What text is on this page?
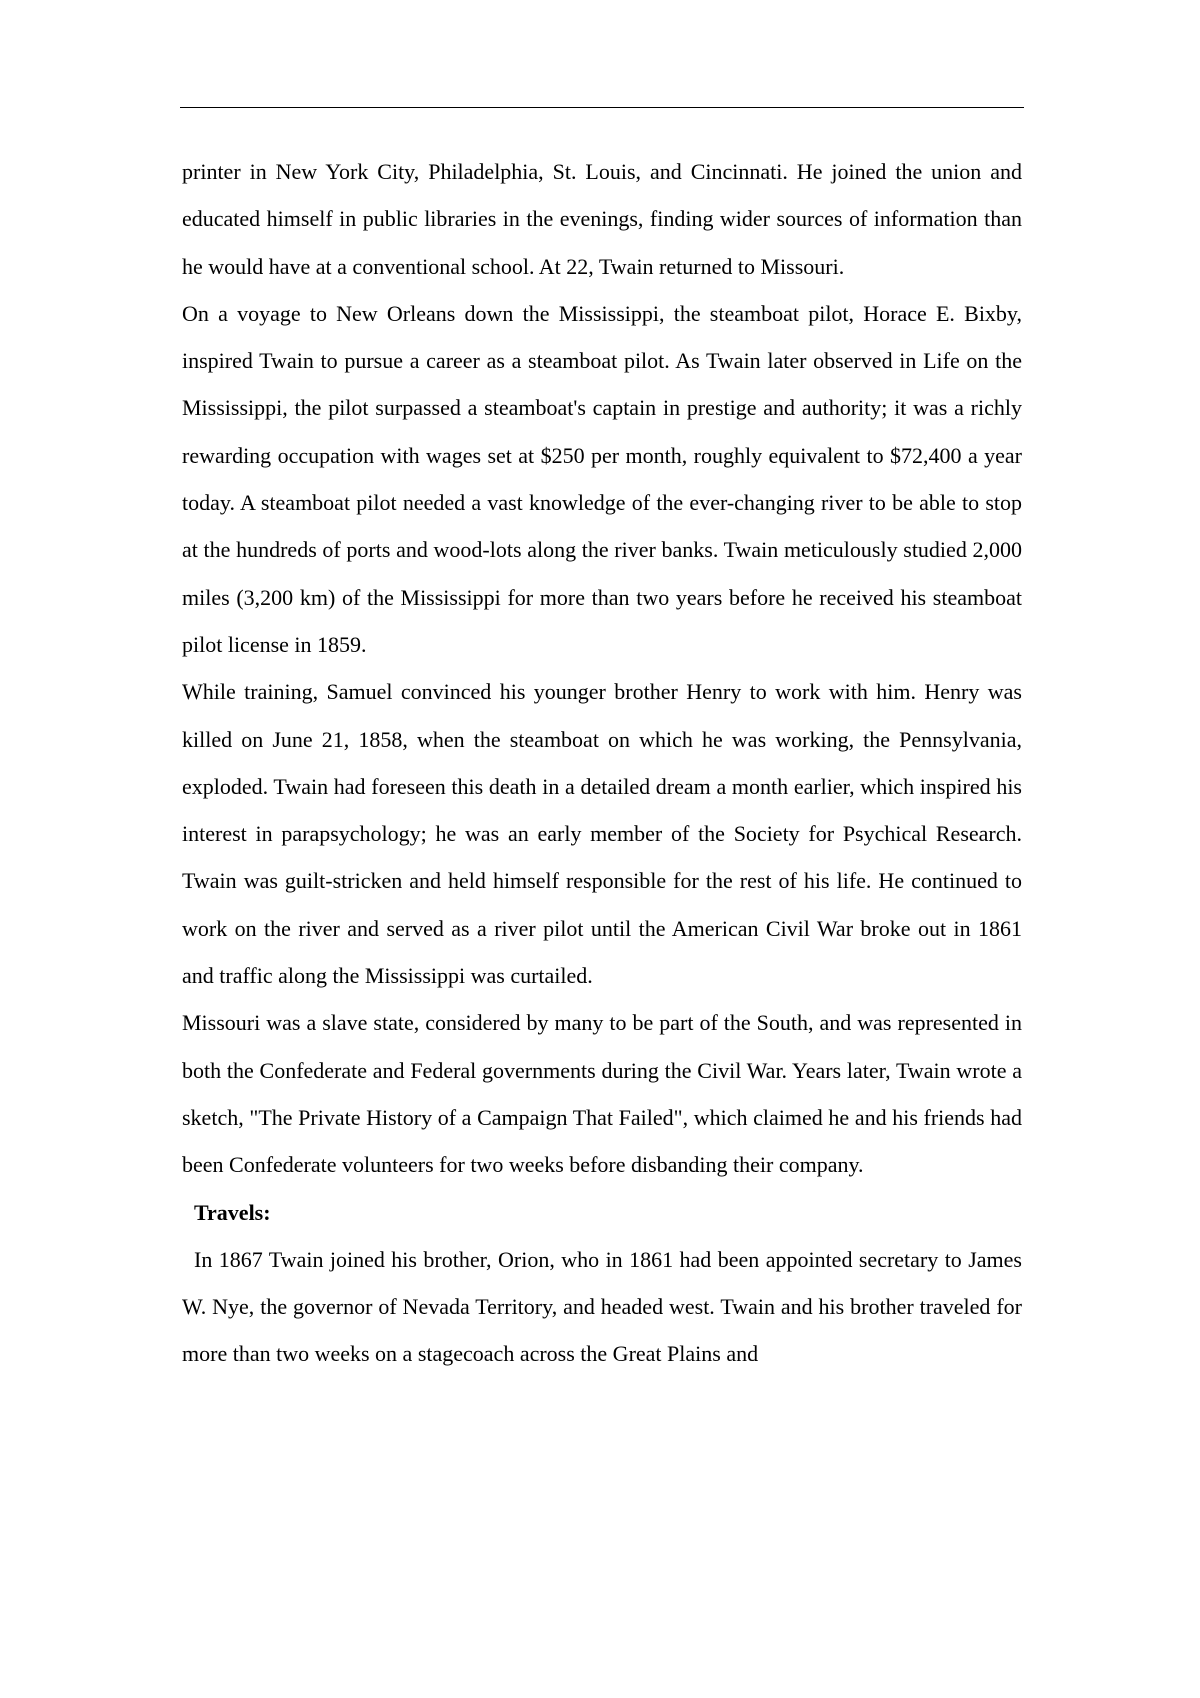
printer in New York City, Philadelphia, St. Louis, and Cincinnati. He joined the union and educated himself in public libraries in the evenings, finding wider sources of information than he would have at a conventional school. At 22, Twain returned to Missouri.

On a voyage to New Orleans down the Mississippi, the steamboat pilot, Horace E. Bixby, inspired Twain to pursue a career as a steamboat pilot. As Twain later observed in Life on the Mississippi, the pilot surpassed a steamboat's captain in prestige and authority; it was a richly rewarding occupation with wages set at $250 per month, roughly equivalent to $72,400 a year today. A steamboat pilot needed a vast knowledge of the ever-changing river to be able to stop at the hundreds of ports and wood-lots along the river banks. Twain meticulously studied 2,000 miles (3,200 km) of the Mississippi for more than two years before he received his steamboat pilot license in 1859.

While training, Samuel convinced his younger brother Henry to work with him. Henry was killed on June 21, 1858, when the steamboat on which he was working, the Pennsylvania, exploded. Twain had foreseen this death in a detailed dream a month earlier, which inspired his interest in parapsychology; he was an early member of the Society for Psychical Research. Twain was guilt-stricken and held himself responsible for the rest of his life. He continued to work on the river and served as a river pilot until the American Civil War broke out in 1861 and traffic along the Mississippi was curtailed.

Missouri was a slave state, considered by many to be part of the South, and was represented in both the Confederate and Federal governments during the Civil War. Years later, Twain wrote a sketch, "The Private History of a Campaign That Failed", which claimed he and his friends had been Confederate volunteers for two weeks before disbanding their company.

Travels:

In 1867 Twain joined his brother, Orion, who in 1861 had been appointed secretary to James W. Nye, the governor of Nevada Territory, and headed west. Twain and his brother traveled for more than two weeks on a stagecoach across the Great Plains and
